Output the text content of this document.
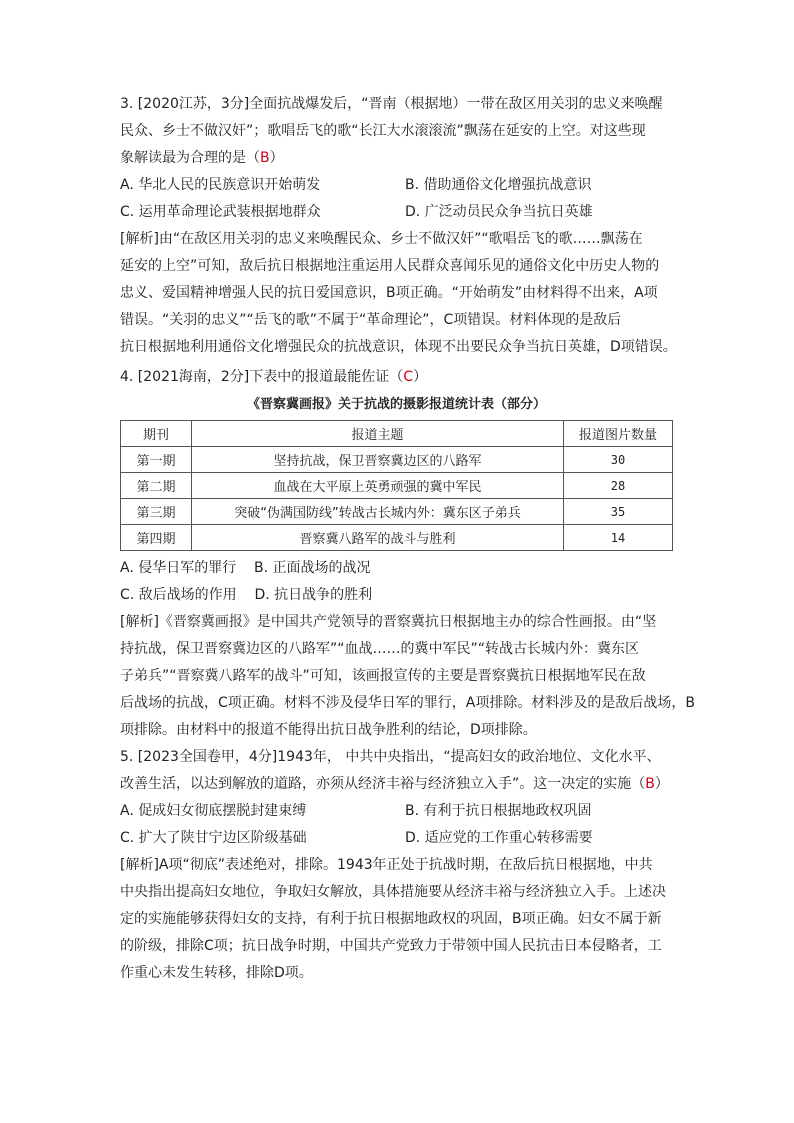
3. [2020江苏，3分]全面抗战爆发后，“晋南（根据地）一带在敌区用关羽的忠义来唤醒

民众、乡士不做汉奸”；歌唱岳飞的歌“长江大水滚滚流”飘荡在延安的上空。对这些现

象解读最为合理的是（B）

A. 华北人民的民族意识开始萌发	B. 借助通俗文化增强抗战意识

C. 运用革命理论武装根据地群众	D. 广泛动员民众争当抗日英雄

[解析]由“在敌区用关羽的忠义来唤醒民众、乡士不做汉奸”“歌唱岳飞的歌……飘荡在

延安的上空”可知，敌后抗日根据地注重运用人民群众喜闻乐见的通俗文化中历史人物的

忠义、爱国精神增强人民的抗日爱国意识，B项正确。“开始萌发”由材料得不出来，A项

错误。“关羽的忠义”“岳飞的歌”不属于“革命理论”，C项错误。材料体现的是敌后

抗日根据地利用通俗文化增强民众的抗战意识，体现不出要民众争当抗日英雄，D项错误。

4. [2021海南，2分]下表中的报道最能佐证（C）

《晋察冀画报》关于抗战的摄影报道统计表（部分）
期刊	报道主题	报道图片数量
第一期	坚持抗战，保卫晋察冀边区的八路军	30
第二期	血战在大平原上英勇顽强的冀中军民	28
第三期	突破“伪满国防线”转战古长城内外：冀东区子弟兵	35
第四期	晋察冀八路军的战斗与胜利	14

A. 侵华日军的罪行 B. 正面战场的战况

C. 敌后战场的作用 D. 抗日战争的胜利

[解析]《晋察冀画报》是中国共产党领导的晋察冀抗日根据地主办的综合性画报。由“坚

持抗战，保卫晋察冀边区的八路军”“血战……的冀中军民”“转战古长城内外：冀东区

子弟兵”“晋察冀八路军的战斗”可知，该画报宣传的主要是晋察冀抗日根据地军民在敌

后战场的抗战，C项正确。材料不涉及侵华日军的罪行，A项排除。材料涉及的是敌后战场，B

项排除。由材料中的报道不能得出抗日战争胜利的结论，D项排除。

5. [2023全国卷甲，4分]1943年， 中共中央指出，“提高妇女的政治地位、文化水平、

改善生活，以达到解放的道路，亦须从经济丰裕与经济独立入手”。这一决定的实施（B）

A. 促成妇女彻底摆脱封建束缚	B. 有利于抗日根据地政权巩固

C. 扩大了陕甘宁边区阶级基础	D. 适应党的工作重心转移需要

[解析]A项“彻底”表述绝对，排除。1943年正处于抗战时期，在敌后抗日根据地，中共

中央指出提高妇女地位，争取妇女解放，具体措施要从经济丰裕与经济独立入手。上述决

定的实施能够获得妇女的支持，有利于抗日根据地政权的巩固，B项正确。妇女不属于新

的阶级，排除C项；抗日战争时期，中国共产党致力于带领中国人民抗击日本侵略者，工

作重心未发生转移，排除D项。
